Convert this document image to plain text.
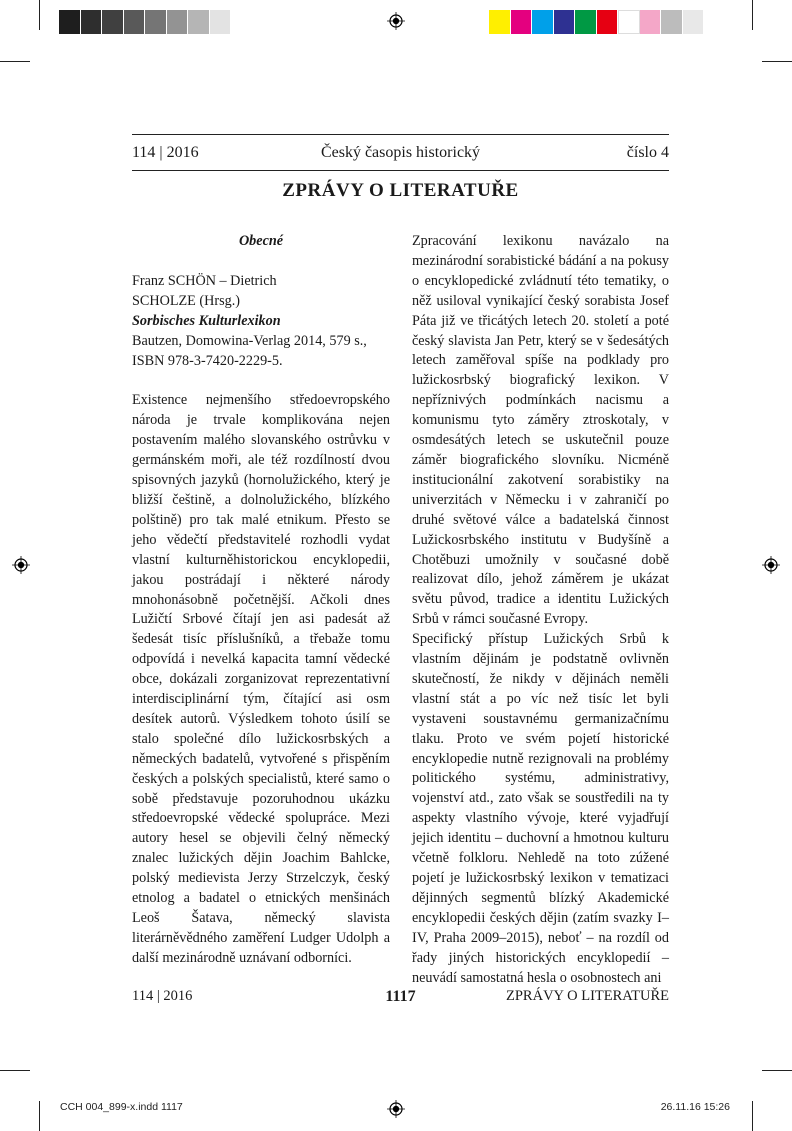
114 | 2016	Český časopis historický	číslo 4
ZPRÁVY O LITERATUŘE

Obecné

Franz SCHÖN – Dietrich
SCHOLZE (Hrsg.)
Sorbisches Kulturlexikon
Bautzen, Domowina-Verlag 2014, 579 s.,
ISBN 978-3-7420-2229-5.

Existence nejmenšího středoevropského národa je trvale komplikována nejen postavením malého slovanského ostrůvku v germánském moři, ale též rozdílností dvou spisovných jazyků (hornolužického, který je bližší češtině, a dolnolužického, blízkého polštině) pro tak malé etnikum. Přesto se jeho vědečtí představitelé rozhodli vydat vlastní kulturněhistorickou encyklopedii, jakou postrádají i některé národy mnohonásobně početnější. Ačkoli dnes Lužičtí Srbové čítají jen asi padesát až šedesát tisíc příslušníků, a třebaže tomu odpovídá i nevelká kapacita tamní vědecké obce, dokázali zorganizovat reprezentativní interdisciplinární tým, čítající asi osm desítek autorů. Výsledkem tohoto úsilí se stalo společné dílo lužickosrbských a německých badatelů, vytvořené s přispěním českých a polských specialistů, které samo o sobě představuje pozoruhodnou ukázku středoevropské vědecké spolupráce. Mezi autory hesel se objevili čelný německý znalec lužických dějin Joachim Bahlcke, polský medievista Jerzy Strzelczyk, český etnolog a badatel o etnických menšinách Leoš Šatava, německý slavista literárněvědného zaměření Ludger Udolph a další mezinárodně uznávaní odborníci.

Zpracování lexikonu navázalo na mezinárodní sorabistické bádání a na pokusy o encyklopedické zvládnutí této tematiky, o něž usiloval vynikající český sorabista Josef Páta již ve třicátých letech 20. století a poté český slavista Jan Petr, který se v šedesátých letech zaměřoval spíše na podklady pro lužickosrbský biografický lexikon. V nepříznivých podmínkách nacismu a komunismu tyto záměry ztroskotaly, v osmdesátých letech se uskutečnil pouze záměr biografického slovníku. Nicméně institucionální zakotvení sorabistiky na univerzitách v Německu i v zahraničí po druhé světové válce a badatelská činnost Lužickosrbského institutu v Budyšíně a Chotěbuzi umožnily v současné době realizovat dílo, jehož záměrem je ukázat světu původ, tradice a identitu Lužických Srbů v rámci současné Evropy.

Specifický přístup Lužických Srbů k vlastním dějinám je podstatně ovlivněn skutečností, že nikdy v dějinách neměli vlastní stát a po víc než tisíc let byli vystaveni soustavnému germanizačnímu tlaku. Proto ve svém pojetí historické encyklopedie nutně rezignovali na problémy politického systému, administrativy, vojenství atd., zato však se soustředili na ty aspekty vlastního vývoje, které vyjadřují jejich identitu – duchovní a hmotnou kulturu včetně folkloru. Nehledě na toto zúžené pojetí je lužickosrbský lexikon v tematizaci dějinných segmentů blízký Akademické encyklopedii českých dějin (zatím svazky I–IV, Praha 2009–2015), neboť – na rozdíl od řady jiných historických encyklopedií – neuvádí samostatná hesla o osobnostech ani

114 | 2016	1117	ZPRÁVY O LITERATUŘE
CCH 004_899-x.indd 1117	26.11.16 15:26
